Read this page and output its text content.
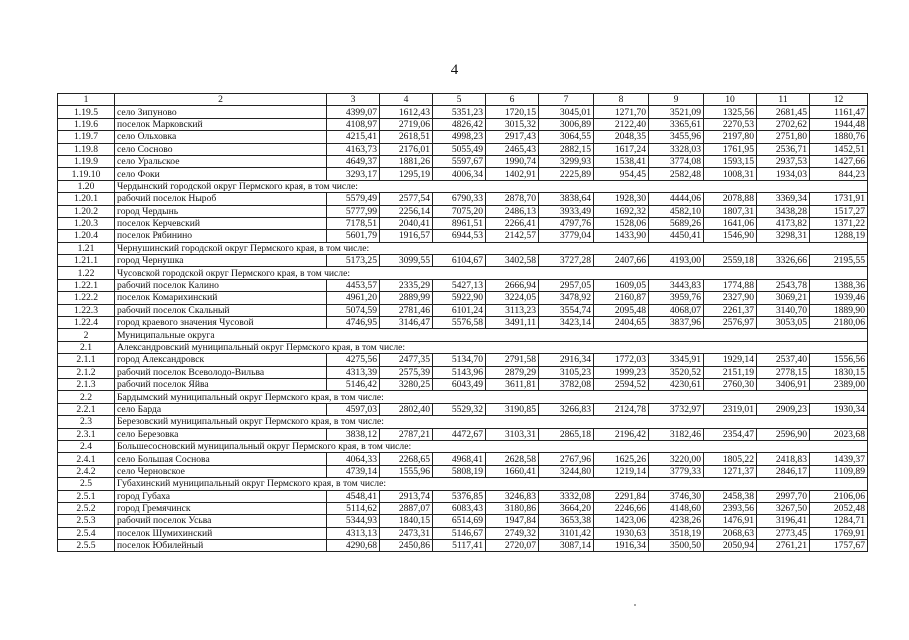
4
1	2	3	4	5	6	7	8	9	10	11	12
1.19.5	село Зипуново	4399,07	1612,43	5351,23	1720,15	3045,01	1271,70	3521,09	1325,56	2681,45	1161,47
1.19.6	поселок Марковский	4108,97	2719,06	4826,42	3015,32	3006,89	2122,40	3365,61	2270,53	2702,62	1944,48
1.19.7	село Ольховка	4215,41	2618,51	4998,23	2917,43	3064,55	2048,35	3455,96	2197,80	2751,80	1880,76
1.19.8	село Сосново	4163,73	2176,01	5055,49	2465,43	2882,15	1617,24	3328,03	1761,95	2536,71	1452,51
1.19.9	село Уральское	4649,37	1881,26	5597,67	1990,74	3299,93	1538,41	3774,08	1593,15	2937,53	1427,66
1.19.10	село Фоки	3293,17	1295,19	4006,34	1402,91	2225,89	954,45	2582,48	1008,31	1934,03	844,23
1.20	Чердынский городской округ Пермского края, в том числе:										
1.20.1	рабочий поселок Ныроб	5579,49	2577,54	6790,33	2878,70	3838,64	1928,30	4444,06	2078,88	3369,34	1731,91
1.20.2	город Чердынь	5777,99	2256,14	7075,20	2486,13	3933,49	1692,32	4582,10	1807,31	3438,28	1517,27
1.20.3	поселок Керчевский	7178,51	2040,41	8961,51	2266,41	4797,76	1528,06	5689,26	1641,06	4173,82	1371,22
1.20.4	поселок Рябинино	5601,79	1916,57	6944,53	2142,57	3779,04	1433,90	4450,41	1546,90	3298,31	1288,19
1.21	Чернушинский городской округ Пермского края, в том числе:										
1.21.1	город Чернушка	5173,25	3099,55	6104,67	3402,58	3727,28	2407,66	4193,00	2559,18	3326,66	2195,55
1.22	Чусовской городской округ Пермского края, в том числе:										
1.22.1	рабочий поселок Калино	4453,57	2335,29	5427,13	2666,94	2957,05	1609,05	3443,83	1774,88	2543,78	1388,36
1.22.2	поселок Комарихинский	4961,20	2889,99	5922,90	3224,05	3478,92	2160,87	3959,76	2327,90	3069,21	1939,46
1.22.3	рабочий поселок Скальный	5074,59	2781,46	6101,24	3113,23	3554,74	2095,48	4068,07	2261,37	3140,70	1889,90
1.22.4	город краевого значения Чусовой	4746,95	3146,47	5576,58	3491,11	3423,14	2404,65	3837,96	2576,97	3053,05	2180,06
2	Муниципальные округа										
2.1	Александровский муниципальный округ Пермского края, в том числе:										
2.1.1	город Александровск	4275,56	2477,35	5134,70	2791,58	2916,34	1772,03	3345,91	1929,14	2537,40	1556,56
2.1.2	рабочий поселок Всеволодо-Вильва	4313,39	2575,39	5143,96	2879,29	3105,23	1999,23	3520,52	2151,19	2778,15	1830,15
2.1.3	рабочий поселок Яйва	5146,42	3280,25	6043,49	3611,81	3782,08	2594,52	4230,61	2760,30	3406,91	2389,00
2.2	Бардымский муниципальный округ Пермского края, в том числе:										
2.2.1	село Барда	4597,03	2802,40	5529,32	3190,85	3266,83	2124,78	3732,97	2319,01	2909,23	1930,34
2.3	Березовский муниципальный округ Пермского края, в том числе:										
2.3.1	село Березовка	3838,12	2787,21	4472,67	3103,31	2865,18	2196,42	3182,46	2354,47	2596,90	2023,68
2.4	Большесосновский муниципальный округ Пермского края, в том числе:										
2.4.1	село Большая Соснова	4064,33	2268,65	4968,41	2628,58	2767,96	1625,26	3220,00	1805,22	2418,83	1439,37
2.4.2	село Черновское	4739,14	1555,96	5808,19	1660,41	3244,80	1219,14	3779,33	1271,37	2846,17	1109,89
2.5	Губахинский муниципальный округ Пермского края, в том числе:										
2.5.1	город Губаха	4548,41	2913,74	5376,85	3246,83	3332,08	2291,84	3746,30	2458,38	2997,70	2106,06
2.5.2	город Гремячинск	5114,62	2887,07	6083,43	3180,86	3664,20	2246,66	4148,60	2393,56	3267,50	2052,48
2.5.3	рабочий поселок Усьва	5344,93	1840,15	6514,69	1947,84	3653,38	1423,06	4238,26	1476,91	3196,41	1284,71
2.5.4	поселок Шумихинский	4313,13	2473,31	5146,67	2749,32	3101,42	1930,63	3518,19	2068,63	2773,45	1769,91
2.5.5	поселок Юбилейный	4290,68	2450,86	5117,41	2720,07	3087,14	1916,34	3500,50	2050,94	2761,21	1757,67
